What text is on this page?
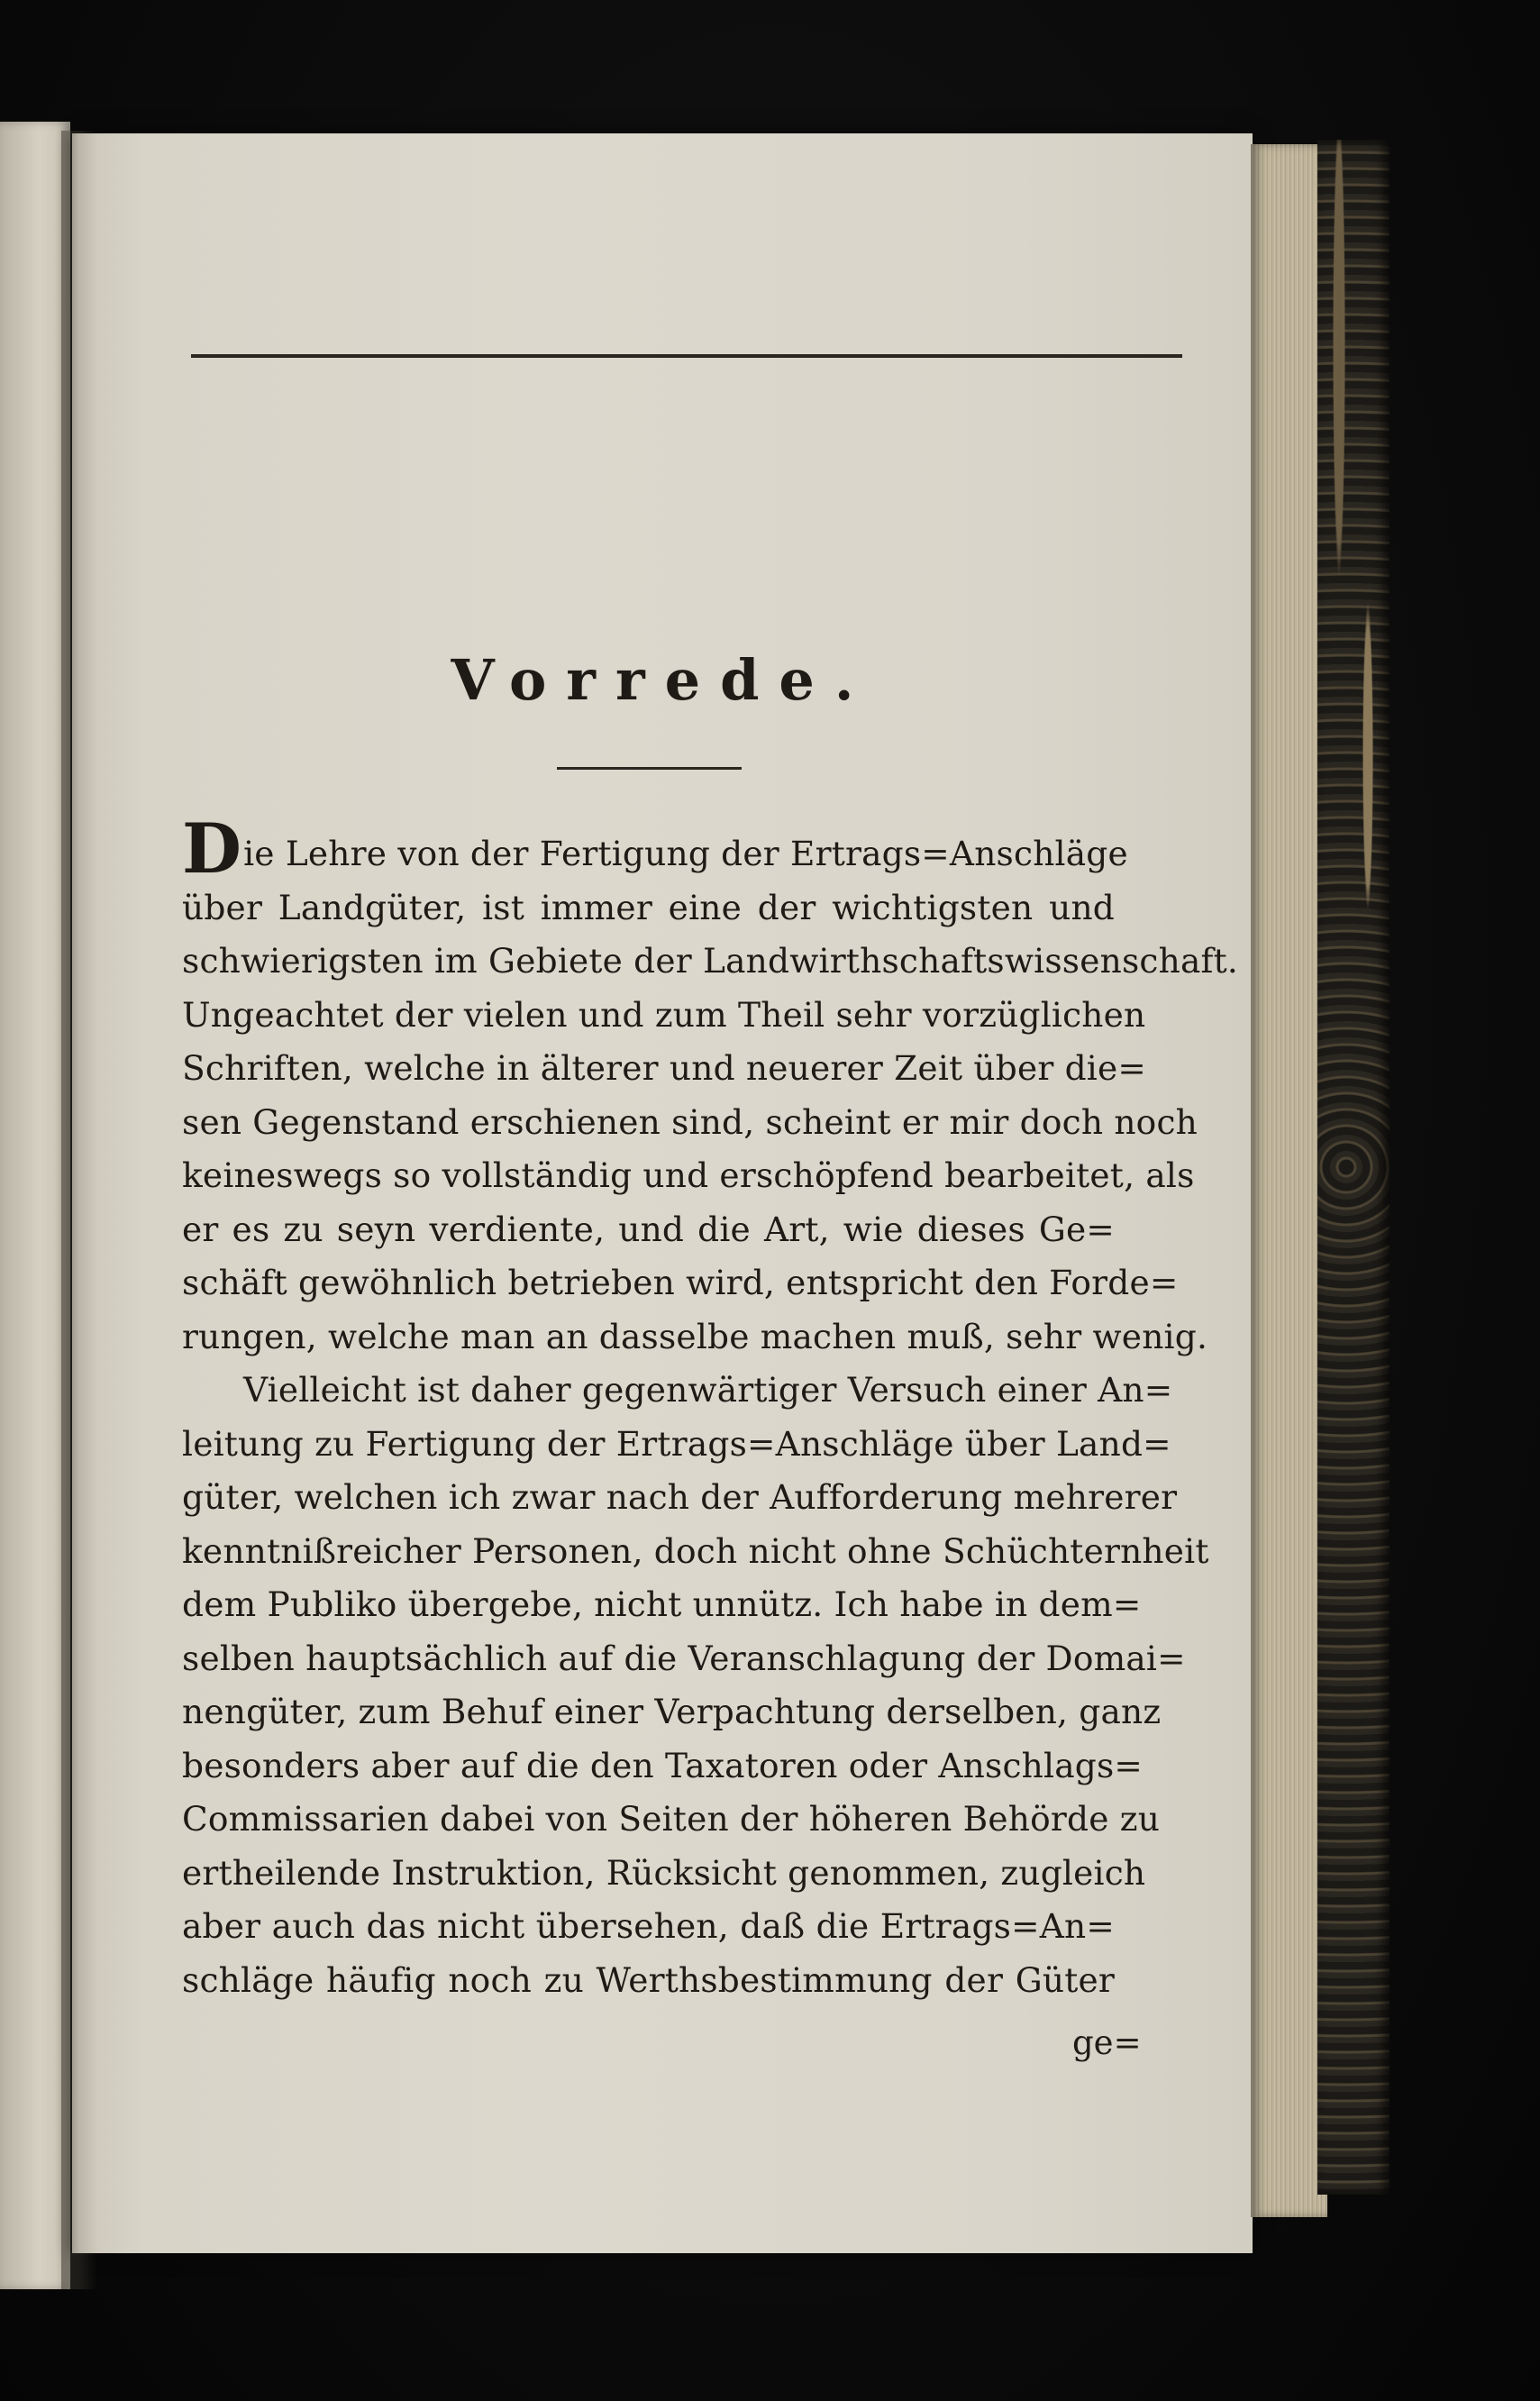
Vorrede.
Die Lehre von der Fertigung der Ertrags=Anschläge
über Landgüter, ist immer eine der wichtigsten und
schwierigsten im Gebiete der Landwirthschaftswissenschaft.
Ungeachtet der vielen und zum Theil sehr vorzüglichen
Schriften, welche in älterer und neuerer Zeit über die=
sen Gegenstand erschienen sind, scheint er mir doch noch
keineswegs so vollständig und erschöpfend bearbeitet, als
er es zu seyn verdiente, und die Art, wie dieses Ge=
schäft gewöhnlich betrieben wird, entspricht den Forde=
rungen, welche man an dasselbe machen muß, sehr wenig.
Vielleicht ist daher gegenwärtiger Versuch einer An=
leitung zu Fertigung der Ertrags=Anschläge über Land=
güter, welchen ich zwar nach der Aufforderung mehrerer
kenntnißreicher Personen, doch nicht ohne Schüchternheit
dem Publiko übergebe, nicht unnütz. Ich habe in dem=
selben hauptsächlich auf die Veranschlagung der Domai=
nengüter, zum Behuf einer Verpachtung derselben, ganz
besonders aber auf die den Taxatoren oder Anschlags=
Commissarien dabei von Seiten der höheren Behörde zu
ertheilende Instruktion, Rücksicht genommen, zugleich
aber auch das nicht übersehen, daß die Ertrags=An=
schläge häufig noch zu Werthsbestimmung der Güter
ge=
